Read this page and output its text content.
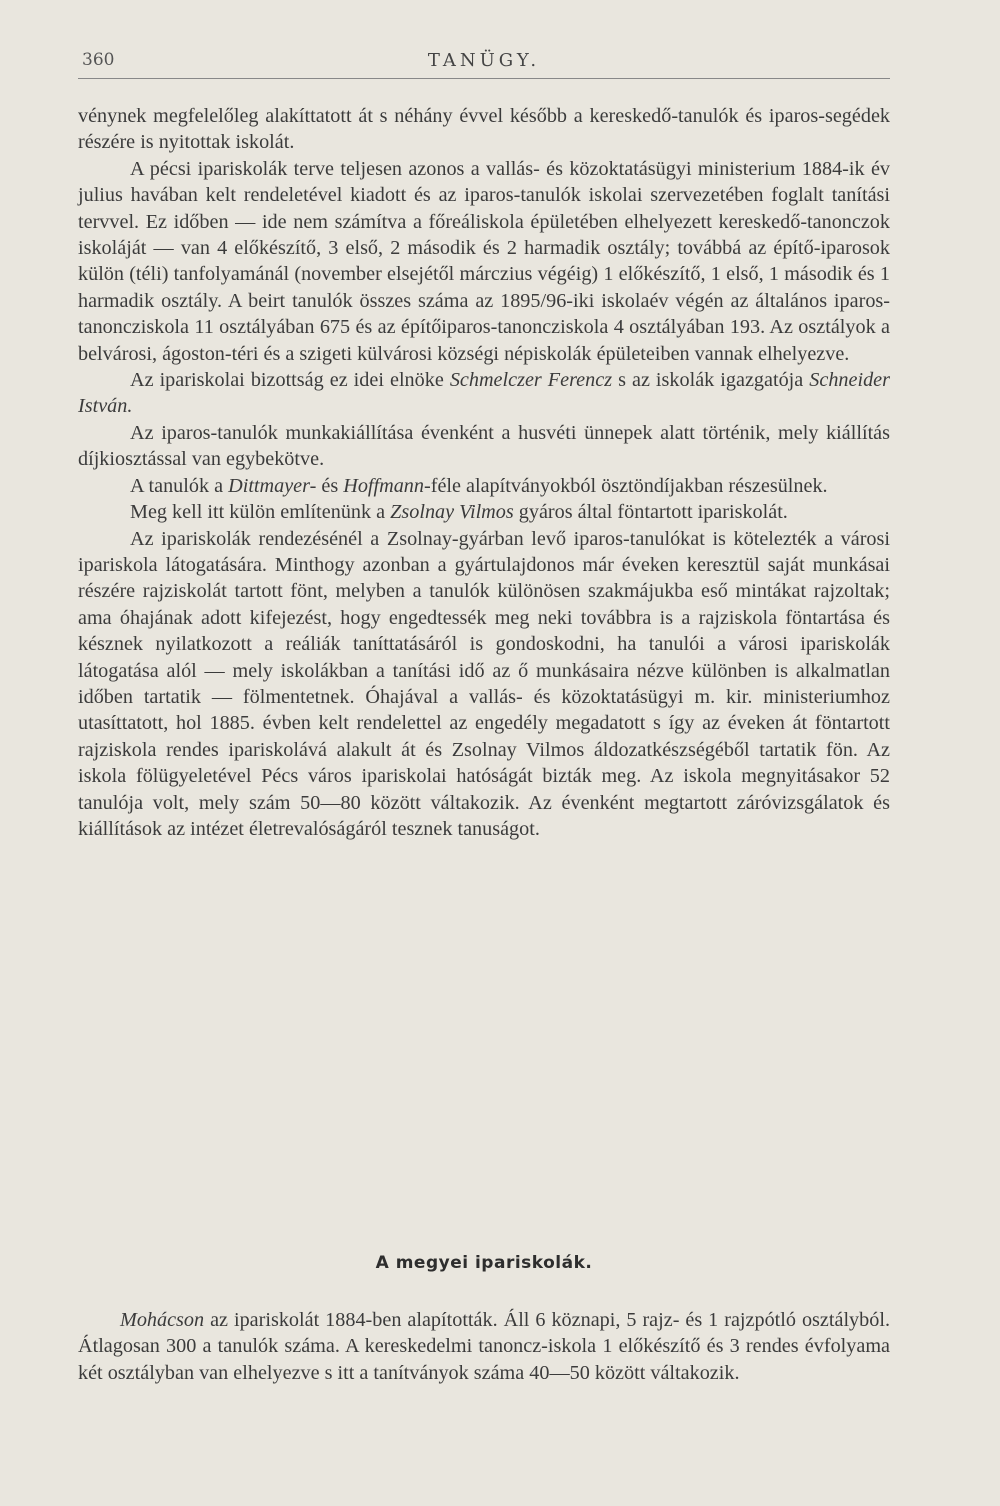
360	TANÜGY.

vénynek megfelelőleg alakíttatott át s néhány évvel később a kereskedő-tanulók és iparos-segédek részére is nyitottak iskolát.

A pécsi ipariskolák terve teljesen azonos a vallás- és közoktatásügyi ministerium 1884-ik év julius havában kelt rendeletével kiadott és az iparos-tanulók iskolai szervezetében foglalt tanítási tervvel. Ez időben — ide nem számítva a főreáliskola épületében elhelyezett kereskedő-tanonczok iskoláját — van 4 előkészítő, 3 első, 2 második és 2 harmadik osztály; továbbá az építő-iparosok külön (téli) tanfolyamánál (november elsejétől márczius végéig) 1 előkészítő, 1 első, 1 második és 1 harmadik osztály. A beirt tanulók összes száma az 1895/96-iki iskolaév végén az általános iparos-tanoncziskola 11 osztályában 675 és az építőiparos-tanoncziskola 4 osztályában 193. Az osztályok a belvárosi, ágoston-téri és a szigeti külvárosi községi népiskolák épületeiben vannak elhelyezve.

Az ipariskolai bizottság ez idei elnöke Schmelczer Ferencz s az iskolák igazgatója Schneider István.

Az iparos-tanulók munkakiállítása évenként a husvéti ünnepek alatt történik, mely kiállítás díjkiosztással van egybekötve.

A tanulók a Dittmayer- és Hoffmann-féle alapítványokból ösztöndíjakban részesülnek.

Meg kell itt külön említenünk a Zsolnay Vilmos gyáros által föntartott ipariskolát.

Az ipariskolák rendezésénél a Zsolnay-gyárban levő iparos-tanulókat is kötelezték a városi ipariskola látogatására. Minthogy azonban a gyártulajdonos már éveken keresztül saját munkásai részére rajziskolát tartott fönt, melyben a tanulók különösen szakmájukba eső mintákat rajzoltak; ama óhajának adott kifejezést, hogy engedtessék meg neki továbbra is a rajziskola föntartása és késznek nyilatkozott a reáliák taníttatásáról is gondoskodni, ha tanulói a városi ipariskolák látogatása alól — mely iskolákban a tanítási idő az ő munkásaira nézve különben is alkalmatlan időben tartatik — fölmentetnek. Óhajával a vallás- és közoktatásügyi m. kir. ministeriumhoz utasíttatott, hol 1885. évben kelt rendelettel az engedély megadatott s így az éveken át föntartott rajziskola rendes ipariskolává alakult át és Zsolnay Vilmos áldozatkészségéből tartatik fön. Az iskola fölügyeletével Pécs város ipariskolai hatóságát bizták meg. Az iskola megnyitásakor 52 tanulója volt, mely szám 50—80 között váltakozik. Az évenként megtartott záróvizsgálatok és kiállítások az intézet életrevalóságáról tesznek tanuságot.

A megyei ipariskolák.

Mohácson az ipariskolát 1884-ben alapították. Áll 6 köznapi, 5 rajz- és 1 rajzpótló osztályból. Átlagosan 300 a tanulók száma. A kereskedelmi tanoncz-iskola 1 előkészítő és 3 rendes évfolyama két osztályban van elhelyezve s itt a tanítványok száma 40—50 között váltakozik.
